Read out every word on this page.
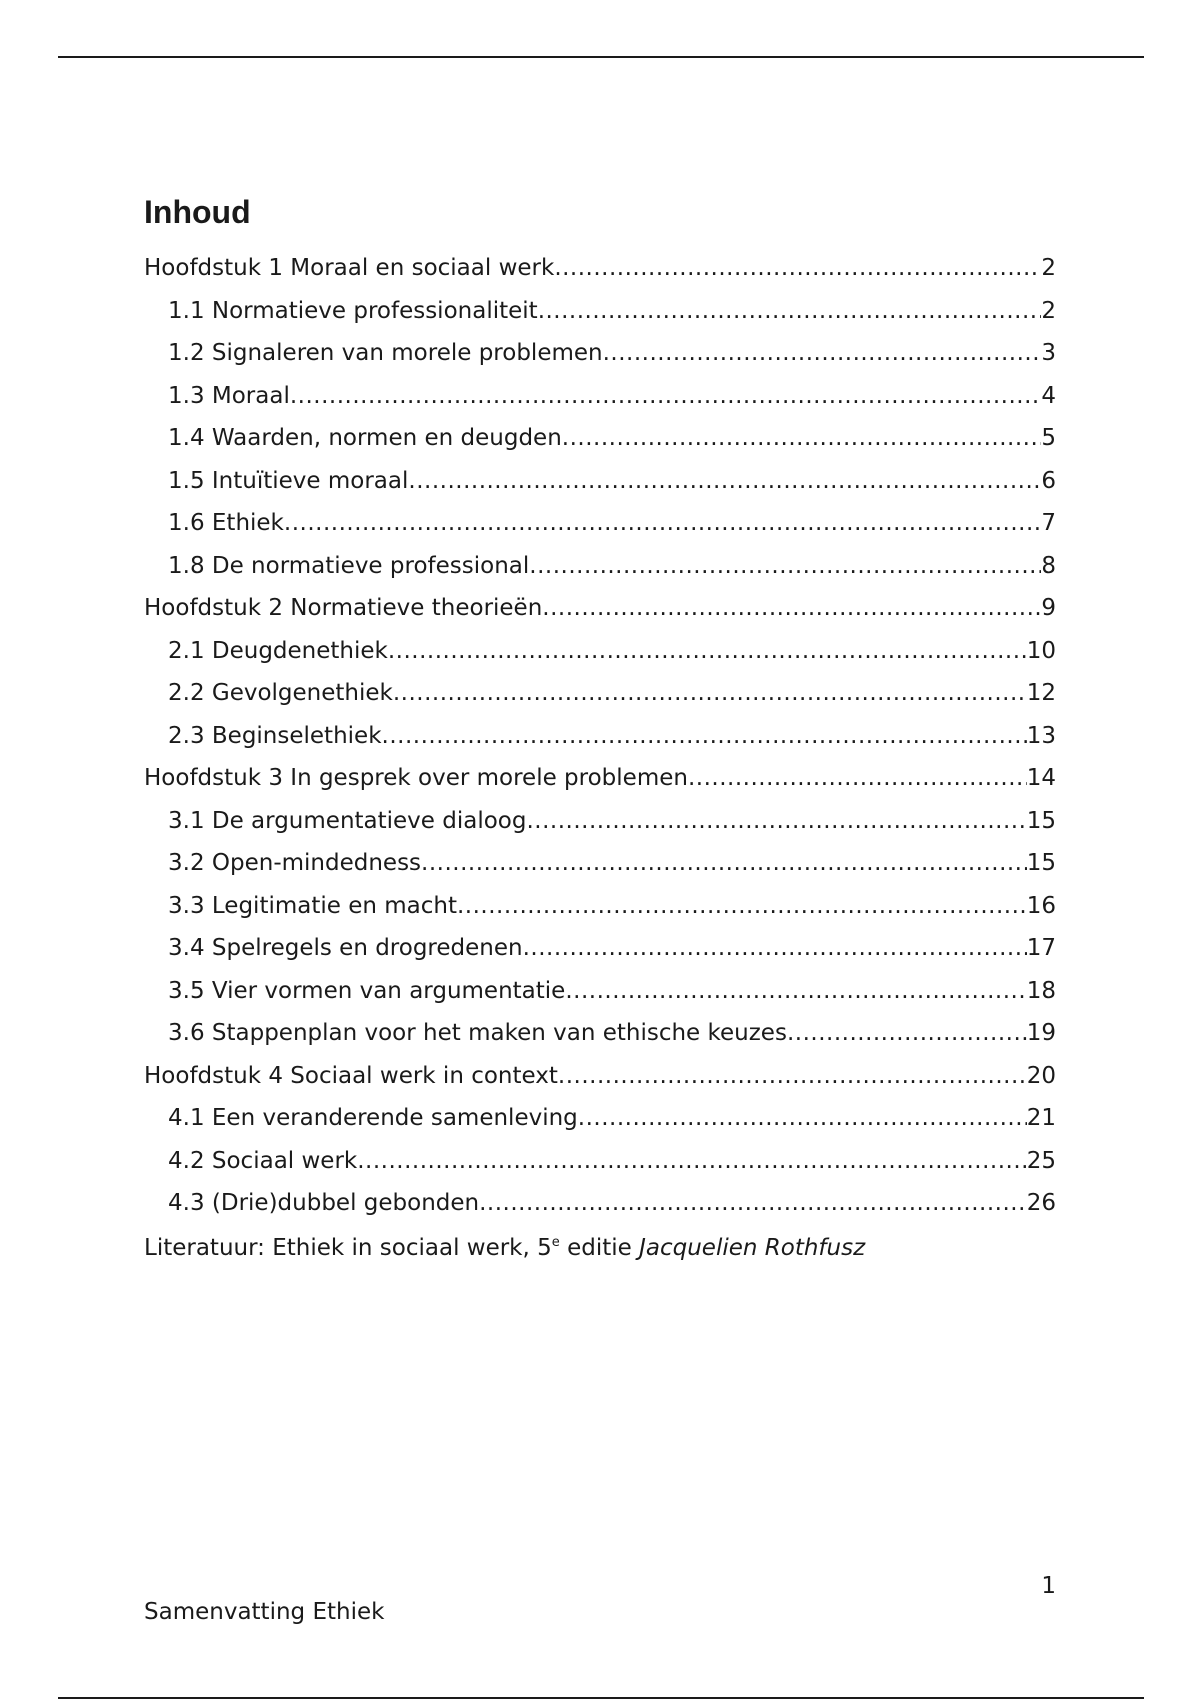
Inhoud
Hoofdstuk 1 Moraal en sociaal werk .....	2
1.1 Normatieve professionaliteit .....	2
1.2 Signaleren van morele problemen .....	3
1.3 Moraal .....	4
1.4 Waarden, normen en deugden .....	5
1.5 Intuïtieve moraal .....	6
1.6 Ethiek .....	7
1.8 De normatieve professional .....	8
Hoofdstuk 2 Normatieve theorieën .....	9
2.1 Deugdenethiek .....	10
2.2 Gevolgenethiek .....	12
2.3 Beginselethiek .....	13
Hoofdstuk 3 In gesprek over morele problemen .....	14
3.1 De argumentatieve dialoog .....	15
3.2 Open-mindedness .....	15
3.3 Legitimatie en macht .....	16
3.4 Spelregels en drogredenen .....	17
3.5 Vier vormen van argumentatie .....	18
3.6 Stappenplan voor het maken van ethische keuzes .....	19
Hoofdstuk 4 Sociaal werk in context .....	20
4.1 Een veranderende samenleving .....	21
4.2 Sociaal werk .....	25
4.3 (Drie)dubbel gebonden .....	26
Literatuur: Ethiek in sociaal werk, 5e editie Jacquelien Rothfusz
1
Samenvatting Ethiek
